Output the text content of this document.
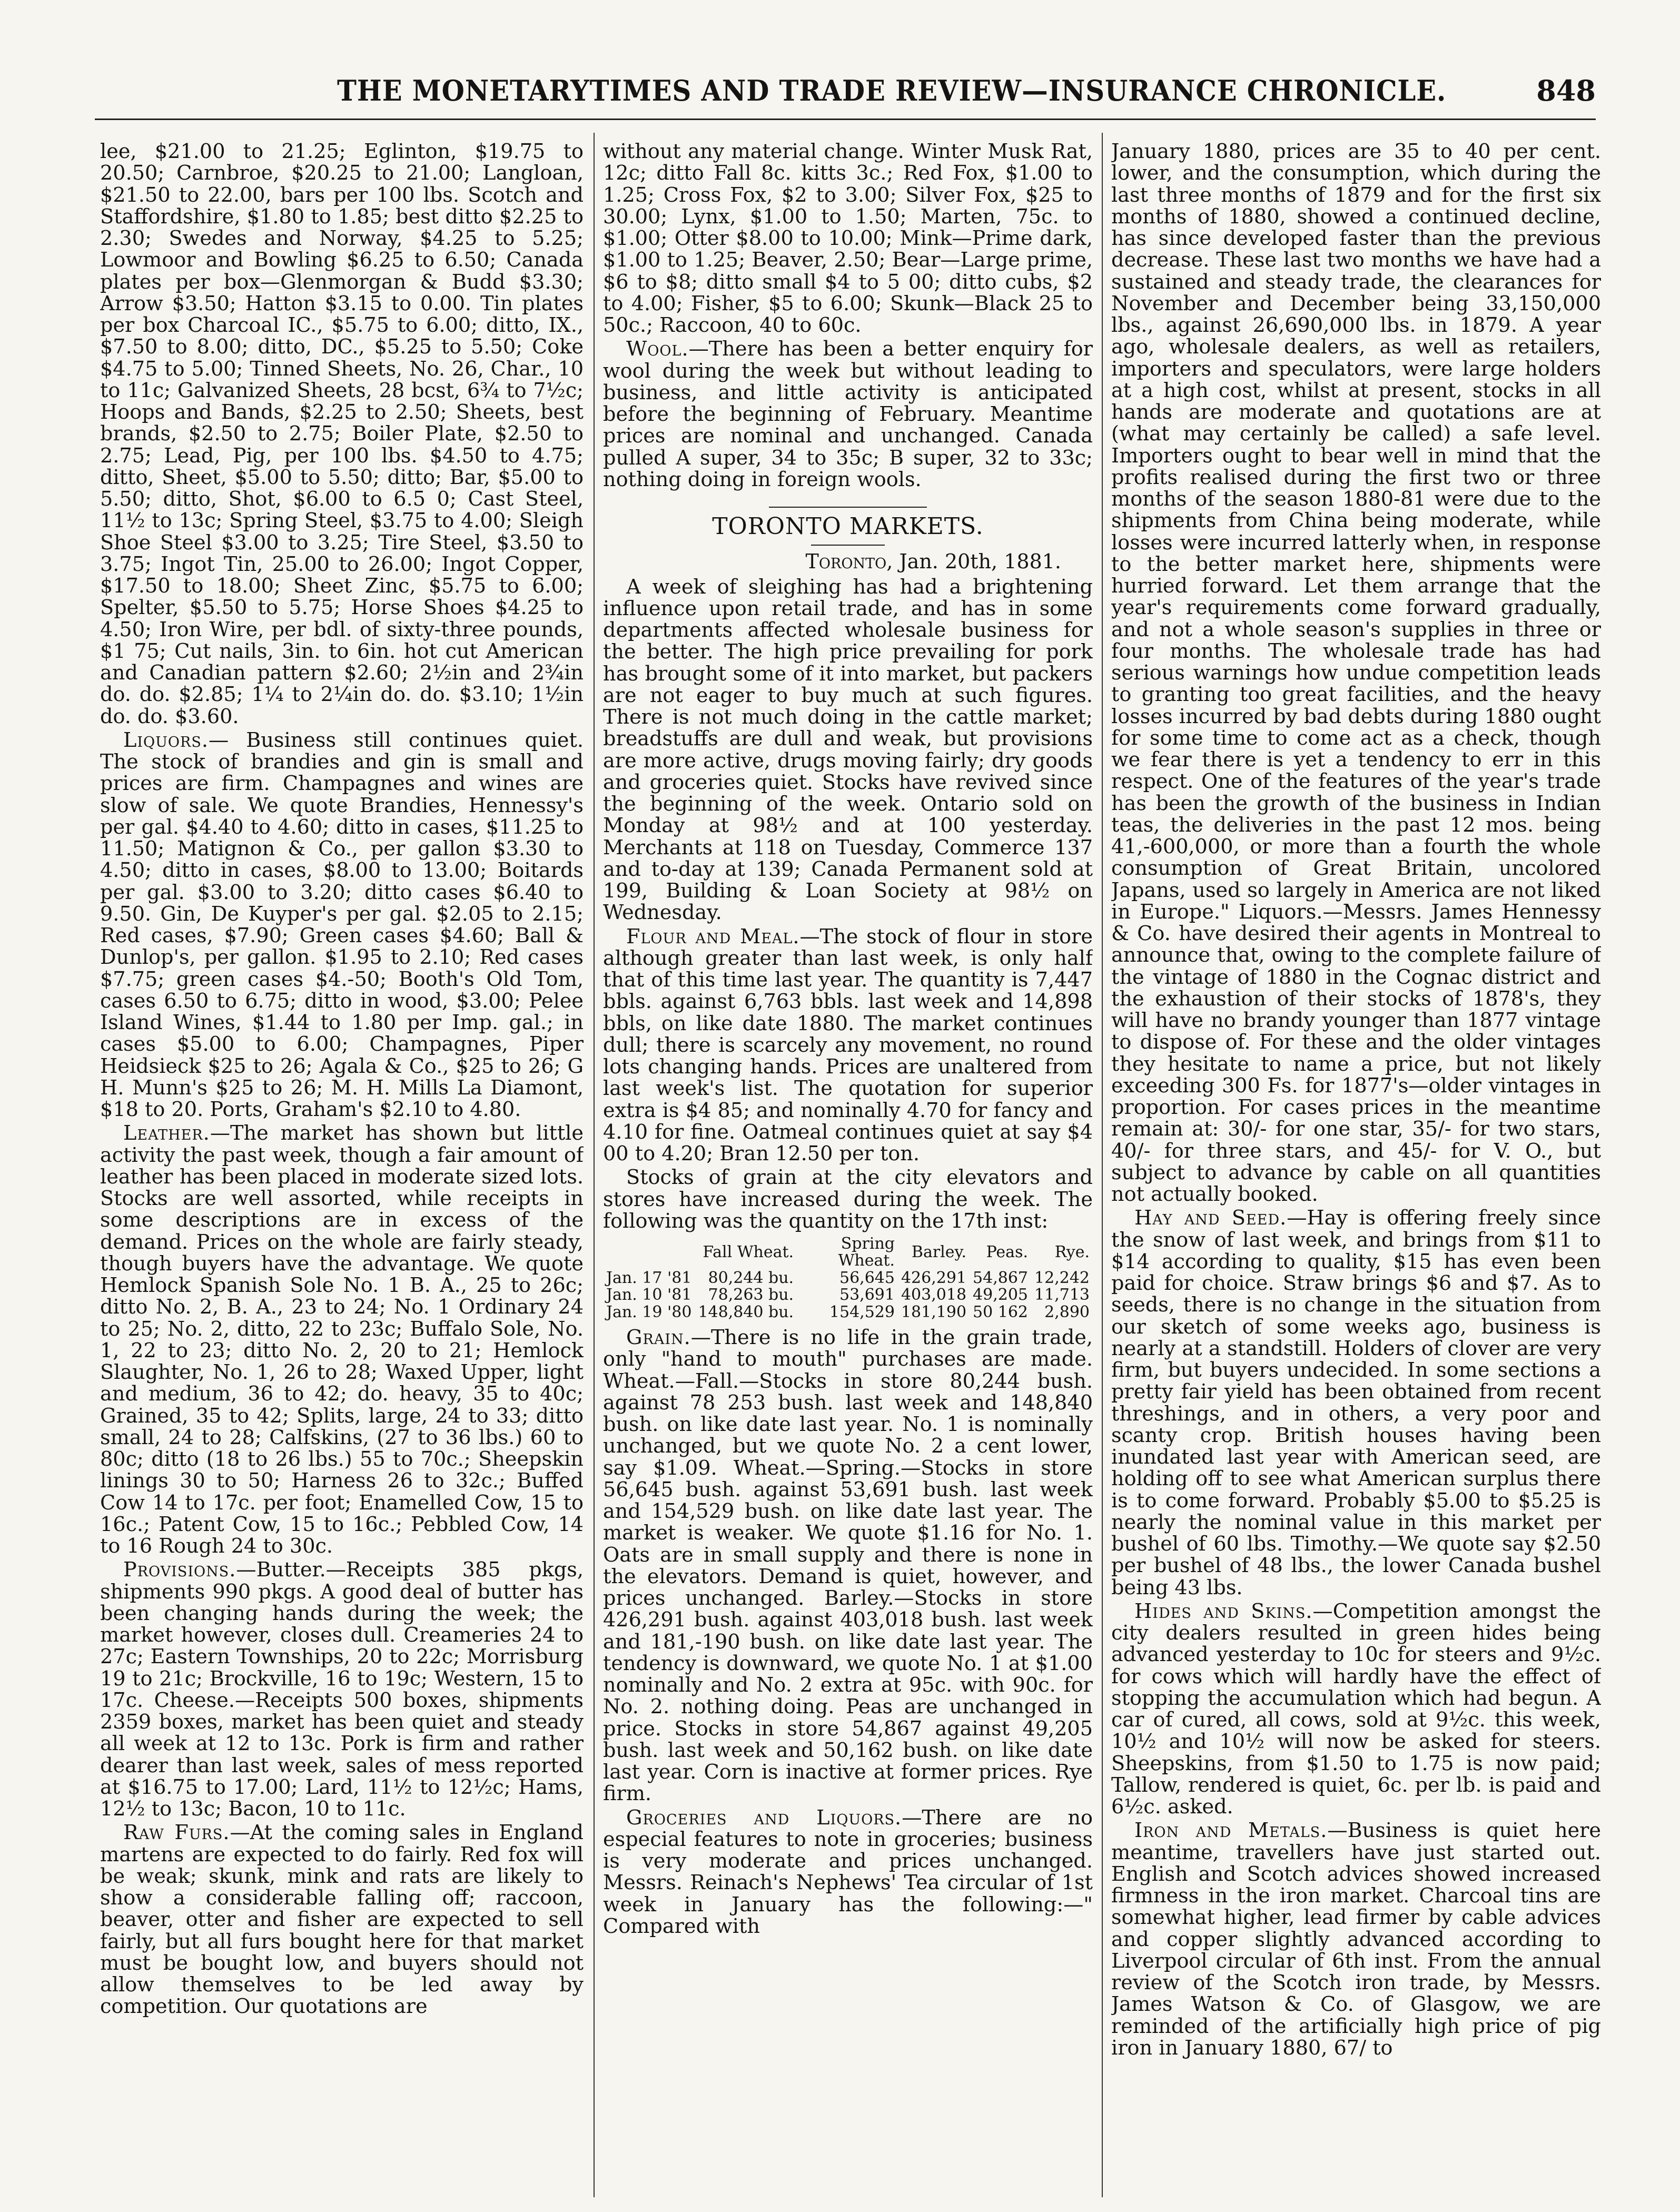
THE MONETARYTIMES AND TRADE REVIEW—INSURANCE CHRONICLE.	848

lee, $21.00 to 21.25; Eglinton, $19.75 to 20.50; Carnbroe, $20.25 to 21.00; Langloan, $21.50 to 22.00, bars per 100 lbs. Scotch and Staffordshire, $1.80 to 1.85; best ditto $2.25 to 2.30; Swedes and Norway, $4.25 to 5.25; Lowmoor and Bowling $6.25 to 6.50; Canada plates per box—Glenmorgan & Budd $3.30; Arrow $3.50; Hatton $3.15 to 0.00. Tin plates per box Charcoal IC., $5.75 to 6.00; ditto, IX., $7.50 to 8.00; ditto, DC., $5.25 to 5.50; Coke $4.75 to 5.00; Tinned Sheets, No. 26, Char., 10 to 11c; Galvanized Sheets, 28 bcst, 6¾ to 7½c; Hoops and Bands, $2.25 to 2.50; Sheets, best brands, $2.50 to 2.75; Boiler Plate, $2.50 to 2.75; Lead, Pig, per 100 lbs. $4.50 to 4.75; ditto, Sheet, $5.00 to 5.50; ditto; Bar, $5.00 to 5.50; ditto, Shot, $6.00 to 6.5 0; Cast Steel, 11½ to 13c; Spring Steel, $3.75 to 4.00; Sleigh Shoe Steel $3.00 to 3.25; Tire Steel, $3.50 to 3.75; Ingot Tin, 25.00 to 26.00; Ingot Copper, $17.50 to 18.00; Sheet Zinc, $5.75 to 6.00; Spelter, $5.50 to 5.75; Horse Shoes $4.25 to 4.50; Iron Wire, per bdl. of sixty-three pounds, $1 75; Cut nails, 3in. to 6in. hot cut American and Canadian pattern $2.60; 2½in and 2¾in do. do. $2.85; 1¼ to 2¼in do. do. $3.10; 1½in do. do. $3.60.

Liquors.— Business still continues quiet. The stock of brandies and gin is small and prices are firm. Champagnes and wines are slow of sale. We quote Brandies, Hennessy's per gal. $4.40 to 4.60; ditto in cases, $11.25 to 11.50; Matignon & Co., per gallon $3.30 to 4.50; ditto in cases, $8.00 to 13.00; Boitards per gal. $3.00 to 3.20; ditto cases $6.40 to 9.50. Gin, De Kuyper's per gal. $2.05 to 2.15; Red cases, $7.90; Green cases $4.60; Ball & Dunlop's, per gallon. $1.95 to 2.10; Red cases $7.75; green cases $4.-50; Booth's Old Tom, cases 6.50 to 6.75; ditto in wood, $3.00; Pelee Island Wines, $1.44 to 1.80 per Imp. gal.; in cases $5.00 to 6.00; Champagnes, Piper Heidsieck $25 to 26; Agala & Co., $25 to 26; G H. Munn's $25 to 26; M. H. Mills La Diamont, $18 to 20. Ports, Graham's $2.10 to 4.80.

Leather.—The market has shown but little activity the past week, though a fair amount of leather has been placed in moderate sized lots. Stocks are well assorted, while receipts in some descriptions are in excess of the demand. Prices on the whole are fairly steady, though buyers have the advantage. We quote Hemlock Spanish Sole No. 1 B. A., 25 to 26c; ditto No. 2, B. A., 23 to 24; No. 1 Ordinary 24 to 25; No. 2, ditto, 22 to 23c; Buffalo Sole, No. 1, 22 to 23; ditto No. 2, 20 to 21; Hemlock Slaughter, No. 1, 26 to 28; Waxed Upper, light and medium, 36 to 42; do. heavy, 35 to 40c; Grained, 35 to 42; Splits, large, 24 to 33; ditto small, 24 to 28; Calfskins, (27 to 36 lbs.) 60 to 80c; ditto (18 to 26 lbs.) 55 to 70c.; Sheepskin linings 30 to 50; Harness 26 to 32c.; Buffed Cow 14 to 17c. per foot; Enamelled Cow, 15 to 16c.; Patent Cow, 15 to 16c.; Pebbled Cow, 14 to 16 Rough 24 to 30c.

Provisions.—Butter.—Receipts 385 pkgs, shipments 990 pkgs. A good deal of butter has been changing hands during the week; the market however, closes dull. Creameries 24 to 27c; Eastern Townships, 20 to 22c; Morrisburg 19 to 21c; Brockville, 16 to 19c; Western, 15 to 17c. Cheese.—Receipts 500 boxes, shipments 2359 boxes, market has been quiet and steady all week at 12 to 13c. Pork is firm and rather dearer than last week, sales of mess reported at $16.75 to 17.00; Lard, 11½ to 12½c; Hams, 12½ to 13c; Bacon, 10 to 11c.

Raw Furs.—At the coming sales in England martens are expected to do fairly. Red fox will be weak; skunk, mink and rats are likely to show a considerable falling off; raccoon, beaver, otter and fisher are expected to sell fairly, but all furs bought here for that market must be bought low, and buyers should not allow themselves to be led away by competition. Our quotations are

without any material change. Winter Musk Rat, 12c; ditto Fall 8c. kitts 3c.; Red Fox, $1.00 to 1.25; Cross Fox, $2 to 3.00; Silver Fox, $25 to 30.00; Lynx, $1.00 to 1.50; Marten, 75c. to $1.00; Otter $8.00 to 10.00; Mink—Prime dark, $1.00 to 1.25; Beaver, 2.50; Bear—Large prime, $6 to $8; ditto small $4 to 5 00; ditto cubs, $2 to 4.00; Fisher, $5 to 6.00; Skunk—Black 25 to 50c.; Raccoon, 40 to 60c.

Wool.—There has been a better enquiry for wool during the week but without leading to business, and little activity is anticipated before the beginning of February. Meantime prices are nominal and unchanged. Canada pulled A super, 34 to 35c; B super, 32 to 33c; nothing doing in foreign wools.

TORONTO MARKETS.
Toronto, Jan. 20th, 1881.

A week of sleighing has had a brightening influence upon retail trade, and has in some departments affected wholesale business for the better. The high price prevailing for pork has brought some of it into market, but packers are not eager to buy much at such figures. There is not much doing in the cattle market; breadstuffs are dull and weak, but provisions are more active, drugs moving fairly; dry goods and groceries quiet. Stocks have revived since the beginning of the week. Ontario sold on Monday at 98½ and at 100 yesterday. Merchants at 118 on Tuesday, Commerce 137 and to-day at 139; Canada Permanent sold at 199, Building & Loan Society at 98½ on Wednesday.

Flour and Meal.—The stock of flour in store although greater than last week, is only half that of this time last year. The quantity is 7,447 bbls. against 6,763 bbls. last week and 14,898 bbls, on like date 1880. The market continues dull; there is scarcely any movement, no round lots changing hands. Prices are unaltered from last week's list. The quotation for superior extra is $4 85; and nominally 4.70 for fancy and 4.10 for fine. Oatmeal continues quiet at say $4 00 to 4.20; Bran 12.50 per ton.

Stocks of grain at the city elevators and stores have increased during the week. The following was the quantity on the 17th inst:

	Fall Wheat.	Spring Wheat.	Barley.	Peas.	Rye.
Jan. 17 '81	80,244 bu.	56,645	426,291	54,867	12,242
Jan. 10 '81	78,263 bu.	53,691	403,018	49,205	11,713
Jan. 19 '80	148,840 bu.	154,529	181,190	50 162	2,890

Grain.—There is no life in the grain trade, only "hand to mouth" purchases are made. Wheat.—Fall.—Stocks in store 80,244 bush. against 78 253 bush. last week and 148,840 bush. on like date last year. No. 1 is nominally unchanged, but we quote No. 2 a cent lower, say $1.09. Wheat.—Spring.—Stocks in store 56,645 bush. against 53,691 bush. last week and 154,529 bush. on like date last year. The market is weaker. We quote $1.16 for No. 1. Oats are in small supply and there is none in the elevators. Demand is quiet, however, and prices unchanged. Barley.—Stocks in store 426,291 bush. against 403,018 bush. last week and 181,-190 bush. on like date last year. The tendency is downward, we quote No. 1 at $1.00 nominally and No. 2 extra at 95c. with 90c. for No. 2. nothing doing. Peas are unchanged in price. Stocks in store 54,867 against 49,205 bush. last week and 50,162 bush. on like date last year. Corn is inactive at former prices. Rye firm.

Groceries and Liquors.—There are no especial features to note in groceries; business is very moderate and prices unchanged. Messrs. Reinach's Nephews' Tea circular of 1st week in January has the following:—" Compared with

January 1880, prices are 35 to 40 per cent. lower, and the consumption, which during the last three months of 1879 and for the first six months of 1880, showed a continued decline, has since developed faster than the previous decrease. These last two months we have had a sustained and steady trade, the clearances for November and December being 33,150,000 lbs., against 26,690,000 lbs. in 1879. A year ago, wholesale dealers, as well as retailers, importers and speculators, were large holders at a high cost, whilst at present, stocks in all hands are moderate and quotations are at (what may certainly be called) a safe level. Importers ought to bear well in mind that the profits realised during the first two or three months of the season 1880-81 were due to the shipments from China being moderate, while losses were incurred latterly when, in response to the better market here, shipments were hurried forward. Let them arrange that the year's requirements come forward gradually, and not a whole season's supplies in three or four months. The wholesale trade has had serious warnings how undue competition leads to granting too great facilities, and the heavy losses incurred by bad debts during 1880 ought for some time to come act as a check, though we fear there is yet a tendency to err in this respect. One of the features of the year's trade has been the growth of the business in Indian teas, the deliveries in the past 12 mos. being 41,-600,000, or more than a fourth the whole consumption of Great Britain, uncolored Japans, used so largely in America are not liked in Europe." Liquors.—Messrs. James Hennessy & Co. have desired their agents in Montreal to announce that, owing to the complete failure of the vintage of 1880 in the Cognac district and the exhaustion of their stocks of 1878's, they will have no brandy younger than 1877 vintage to dispose of. For these and the older vintages they hesitate to name a price, but not likely exceeding 300 Fs. for 1877's—older vintages in proportion. For cases prices in the meantime remain at: 30/- for one star, 35/- for two stars, 40/- for three stars, and 45/- for V. O., but subject to advance by cable on all quantities not actually booked.

Hay and Seed.—Hay is offering freely since the snow of last week, and brings from $11 to $14 according to quality, $15 has even been paid for choice. Straw brings $6 and $7. As to seeds, there is no change in the situation from our sketch of some weeks ago, business is nearly at a standstill. Holders of clover are very firm, but buyers undecided. In some sections a pretty fair yield has been obtained from recent threshings, and in others, a very poor and scanty crop. British houses having been inundated last year with American seed, are holding off to see what American surplus there is to come forward. Probably $5.00 to $5.25 is nearly the nominal value in this market per bushel of 60 lbs. Timothy.—We quote say $2.50 per bushel of 48 lbs., the lower Canada bushel being 43 lbs.

Hides and Skins.—Competition amongst the city dealers resulted in green hides being advanced yesterday to 10c for steers and 9½c. for cows which will hardly have the effect of stopping the accumulation which had begun. A car of cured, all cows, sold at 9½c. this week, 10½ and 10½ will now be asked for steers. Sheepskins, from $1.50 to 1.75 is now paid; Tallow, rendered is quiet, 6c. per lb. is paid and 6½c. asked.

Iron and Metals.—Business is quiet here meantime, travellers have just started out. English and Scotch advices showed increased firmness in the iron market. Charcoal tins are somewhat higher, lead firmer by cable advices and copper slightly advanced according to Liverpool circular of 6th inst. From the annual review of the Scotch iron trade, by Messrs. James Watson & Co. of Glasgow, we are reminded of the artificially high price of pig iron in January 1880, 67/ to
